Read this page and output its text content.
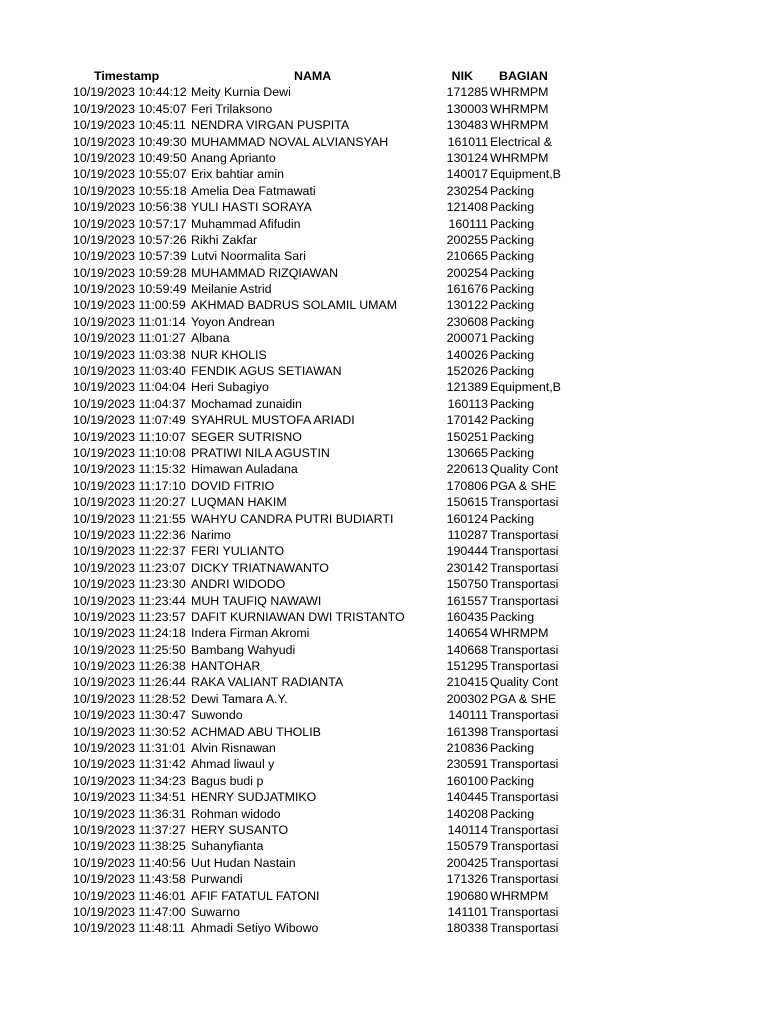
Timestamp	NAMA	NIK BAGIAN
10/19/2023 10:44:12 Meity Kurnia Dewi	171285 WHRMPM
10/19/2023 10:45:07 Feri Trilaksono	130003 WHRMPM
10/19/2023 10:45:11 NENDRA VIRGAN PUSPITA	130483 WHRMPM
10/19/2023 10:49:30 MUHAMMAD NOVAL ALVIANSYAH	161011 Electrical &
10/19/2023 10:49:50 Anang Aprianto	130124 WHRMPM
10/19/2023 10:55:07 Erix bahtiar amin	140017 Equipment,B
10/19/2023 10:55:18 Amelia Dea Fatmawati	230254 Packing
10/19/2023 10:56:38 YULI HASTI SORAYA	121408 Packing
10/19/2023 10:57:17 Muhammad Afifudin	160111 Packing
10/19/2023 10:57:26 Rikhi Zakfar	200255 Packing
10/19/2023 10:57:39 Lutvi Noormalita Sari	210665 Packing
10/19/2023 10:59:28 MUHAMMAD RIZQIAWAN	200254 Packing
10/19/2023 10:59:49 Meilanie Astrid	161676 Packing
10/19/2023 11:00:59 AKHMAD BADRUS SOLAMIL UMAM	130122 Packing
10/19/2023 11:01:14 Yoyon Andrean	230608 Packing
10/19/2023 11:01:27 Albana	200071 Packing
10/19/2023 11:03:38 NUR KHOLIS	140026 Packing
10/19/2023 11:03:40 FENDIK AGUS SETIAWAN	152026 Packing
10/19/2023 11:04:04 Heri Subagiyo	121389 Equipment,B
10/19/2023 11:04:37 Mochamad zunaidin	160113 Packing
10/19/2023 11:07:49 SYAHRUL MUSTOFA ARIADI	170142 Packing
10/19/2023 11:10:07 SEGER SUTRISNO	150251 Packing
10/19/2023 11:10:08 PRATIWI NILA AGUSTIN	130665 Packing
10/19/2023 11:15:32 Himawan Auladana	220613 Quality Cont
10/19/2023 11:17:10 DOVID FITRIO	170806 PGA & SHE
10/19/2023 11:20:27 LUQMAN HAKIM	150615 Transportasi
10/19/2023 11:21:55 WAHYU CANDRA PUTRI BUDIARTI	160124 Packing
10/19/2023 11:22:36 Narimo	110287 Transportasi
10/19/2023 11:22:37 FERI YULIANTO	190444 Transportasi
10/19/2023 11:23:07 DICKY TRIATNAWANTO	230142 Transportasi
10/19/2023 11:23:30 ANDRI WIDODO	150750 Transportasi
10/19/2023 11:23:44 MUH TAUFIQ NAWAWI	161557 Transportasi
10/19/2023 11:23:57 DAFIT KURNIAWAN DWI TRISTANTO	160435 Packing
10/19/2023 11:24:18 Indera Firman Akromi	140654 WHRMPM
10/19/2023 11:25:50 Bambang Wahyudi	140668 Transportasi
10/19/2023 11:26:38 HANTOHAR	151295 Transportasi
10/19/2023 11:26:44 RAKA VALIANT RADIANTA	210415 Quality Cont
10/19/2023 11:28:52 Dewi Tamara A.Y.	200302 PGA & SHE
10/19/2023 11:30:47 Suwondo	140111 Transportasi
10/19/2023 11:30:52 ACHMAD ABU THOLIB	161398 Transportasi
10/19/2023 11:31:01 Alvin Risnawan	210836 Packing
10/19/2023 11:31:42 Ahmad liwaul y	230591 Transportasi
10/19/2023 11:34:23 Bagus budi p	160100 Packing
10/19/2023 11:34:51 HENRY SUDJATMIKO	140445 Transportasi
10/19/2023 11:36:31 Rohman widodo	140208 Packing
10/19/2023 11:37:27 HERY SUSANTO	140114 Transportasi
10/19/2023 11:38:25 Suhanyfianta	150579 Transportasi
10/19/2023 11:40:56 Uut Hudan Nastain	200425 Transportasi
10/19/2023 11:43:58 Purwandi	171326 Transportasi
10/19/2023 11:46:01 AFIF FATATUL FATONI	190680 WHRMPM
10/19/2023 11:47:00 Suwarno	141101 Transportasi
10/19/2023 11:48:11 Ahmadi Setiyo Wibowo	180338 Transportasi
